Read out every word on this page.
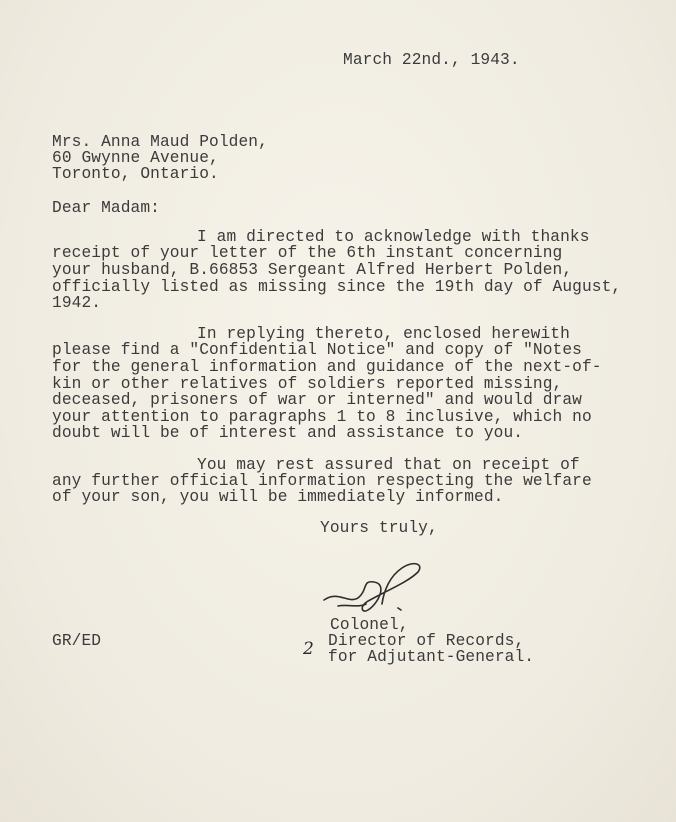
March 22nd., 1943.
Mrs. Anna Maud Polden,
60 Gwynne Avenue,
Toronto, Ontario.
Dear Madam:
I am directed to acknowledge with thanks
receipt of your letter of the 6th instant concerning
your husband, B.66853 Sergeant Alfred Herbert Polden,
officially listed as missing since the 19th day of August,
1942.
In replying thereto, enclosed herewith
please find a "Confidential Notice" and copy of "Notes
for the general information and guidance of the next-of-
kin or other relatives of soldiers reported missing,
deceased, prisoners of war or interned" and would draw
your attention to paragraphs 1 to 8 inclusive, which no
doubt will be of interest and assistance to you.
You may rest assured that on receipt of
any further official information respecting the welfare
of your son, you will be immediately informed.
Yours truly,
Colonel,
Director of Records,
for Adjutant-General.
GR/ED	2
